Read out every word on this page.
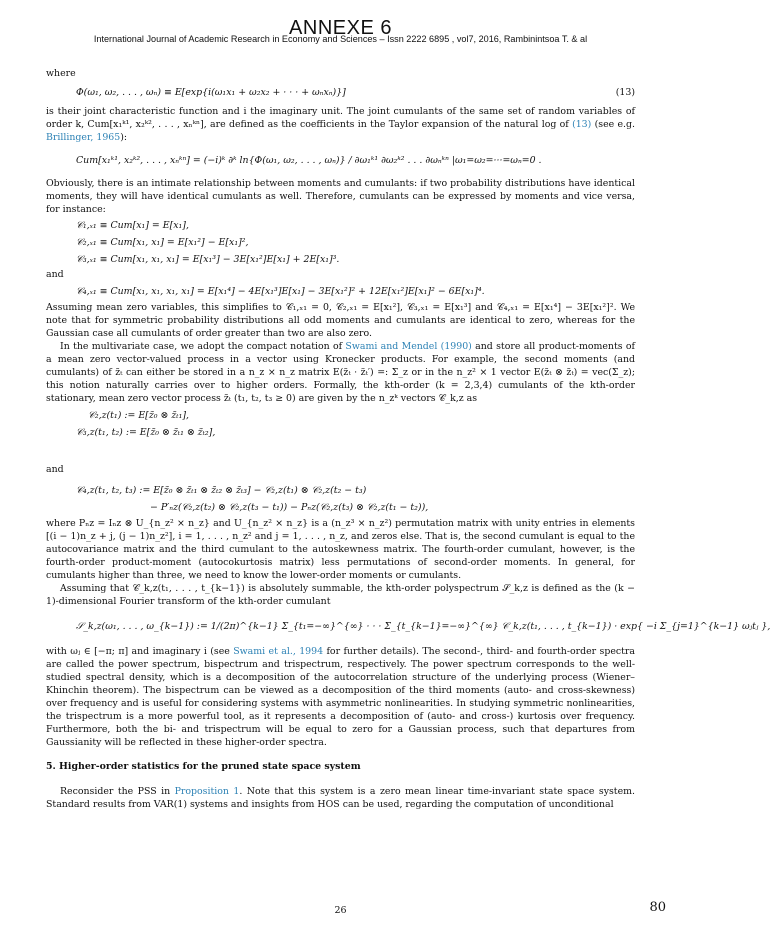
ANNEXE 6
International Journal of Academic Research in Economy and Sciences – Issn 2222 6895 , vol7, 2016, Rambinintsoa T. & al

where

Φ(ω₁, ω₂, . . . , ωₙ) ≡ E[exp{i(ω₁x₁ + ω₂x₂ + · · · + ωₙxₙ)}]	(13)

is their joint characteristic function and i the imaginary unit. The joint cumulants of the same set of random variables of order k, Cum[x₁ᵏ¹, x₂ᵏ², . . . , xₙᵏⁿ], are defined as the coefficients in the Taylor expansion of the natural log of (13) (see e.g. Brillinger, 1965):

Cum[x₁ᵏ¹, x₂ᵏ², . . . , xₙᵏⁿ] = (−i)ᵏ ∂ᵏ ln{Φ(ω₁, ω₂, . . . , ωₙ)} / ∂ω₁ᵏ¹ ∂ω₂ᵏ² . . . ∂ωₙᵏⁿ |ω₁=ω₂=···=ωₙ=0 .

Obviously, there is an intimate relationship between moments and cumulants: if two probability distributions have identical moments, they will have identical cumulants as well. Therefore, cumulants can be expressed by moments and vice versa, for instance:

𝒞₁,ₓ₁ ≡ Cum[x₁] = E[x₁],
𝒞₂,ₓ₁ ≡ Cum[x₁, x₁] = E[x₁²] − E[x₁]²,
𝒞₃,ₓ₁ ≡ Cum[x₁, x₁, x₁] = E[x₁³] − 3E[x₁²]E[x₁] + 2E[x₁]³.

and

𝒞₄,ₓ₁ ≡ Cum[x₁, x₁, x₁, x₁] = E[x₁⁴] − 4E[x₁³]E[x₁] − 3E[x₁²]² + 12E[x₁²]E[x₁]² − 6E[x₁]⁴.

Assuming mean zero variables, this simplifies to 𝒞₁,ₓ₁ = 0, 𝒞₂,ₓ₁ = E[x₁²], 𝒞₃,ₓ₁ = E[x₁³] and 𝒞₄,ₓ₁ = E[x₁⁴] − 3E[x₁²]². We note that for symmetric probability distributions all odd moments and cumulants are identical to zero, whereas for the Gaussian case all cumulants of order greater than two are also zero.

In the multivariate case, we adopt the compact notation of Swami and Mendel (1990) and store all product-moments of a mean zero vector-valued process in a vector using Kronecker products. For example, the second moments (and cumulants) of z̃ₜ can either be stored in a n_z × n_z matrix E(z̃ₜ · z̃ₜ′) =: Σ_z or in the n_z² × 1 vector E(z̃ₜ ⊗ z̃ₜ) = vec(Σ_z); this notion naturally carries over to higher orders. Formally, the kth-order (k = 2,3,4) cumulants of the kth-order stationary, mean zero vector process z̃ₜ (t₁, t₂, t₃ ≥ 0) are given by the n_zᵏ vectors 𝒞_k,z as

𝒞₂,z(t₁) := E[z̃₀ ⊗ z̃ₜ₁],
𝒞₃,z(t₁, t₂) := E[z̃₀ ⊗ z̃ₜ₁ ⊗ z̃ₜ₂],

and

𝒞₄,z(t₁, t₂, t₃) := E[z̃₀ ⊗ z̃ₜ₁ ⊗ z̃ₜ₂ ⊗ z̃ₜ₃] − 𝒞₂,z(t₁) ⊗ 𝒞₂,z(t₂ − t₃)
− P′ₙz(𝒞₂,z(t₂) ⊗ 𝒞₂,z(t₃ − t₁)) − Pₙz(𝒞₂,z(t₃) ⊗ 𝒞₂,z(t₁ − t₂)),

where Pₙz = Iₙz ⊗ U_{n_z² × n_z} and U_{n_z² × n_z} is a (n_z³ × n_z²) permutation matrix with unity entries in elements [(i − 1)n_z + j, (j − 1)n_z²], i = 1, . . . , n_z² and j = 1, . . . , n_z, and zeros else. That is, the second cumulant is equal to the autocovariance matrix and the third cumulant to the autoskewness matrix. The fourth-order cumulant, however, is the fourth-order product-moment (autocokurtosis matrix) less permutations of second-order moments. In general, for cumulants higher than three, we need to know the lower-order moments or cumulants.

Assuming that 𝒞_k,z(t₁, . . . , t_{k−1}) is absolutely summable, the kth-order polyspectrum 𝒮_k,z is defined as the (k − 1)-dimensional Fourier transform of the kth-order cumulant

𝒮_k,z(ω₁, . . . , ω_{k−1}) := 1/(2π)^{k−1} Σ_{t₁=−∞}^{∞} · · · Σ_{t_{k−1}=−∞}^{∞} 𝒞_k,z(t₁, . . . , t_{k−1}) · exp{ −i Σ_{j=1}^{k−1} ωⱼtⱼ },

with ωⱼ ∈ [−π; π] and imaginary i (see Swami et al., 1994 for further details). The second-, third- and fourth-order spectra are called the power spectrum, bispectrum and trispectrum, respectively. The power spectrum corresponds to the well-studied spectral density, which is a decomposition of the autocorrelation structure of the underlying process (Wiener–Khinchin theorem). The bispectrum can be viewed as a decomposition of the third moments (auto- and cross-skewness) over frequency and is useful for considering systems with asymmetric nonlinearities. In studying symmetric nonlinearities, the trispectrum is a more powerful tool, as it represents a decomposition of (auto- and cross-) kurtosis over frequency. Furthermore, both the bi- and trispectrum will be equal to zero for a Gaussian process, such that departures from Gaussianity will be reflected in these higher-order spectra.

5. Higher-order statistics for the pruned state space system

Reconsider the PSS in Proposition 1. Note that this system is a zero mean linear time-invariant state space system. Standard results from VAR(1) systems and insights from HOS can be used, regarding the computation of unconditional

26	80
